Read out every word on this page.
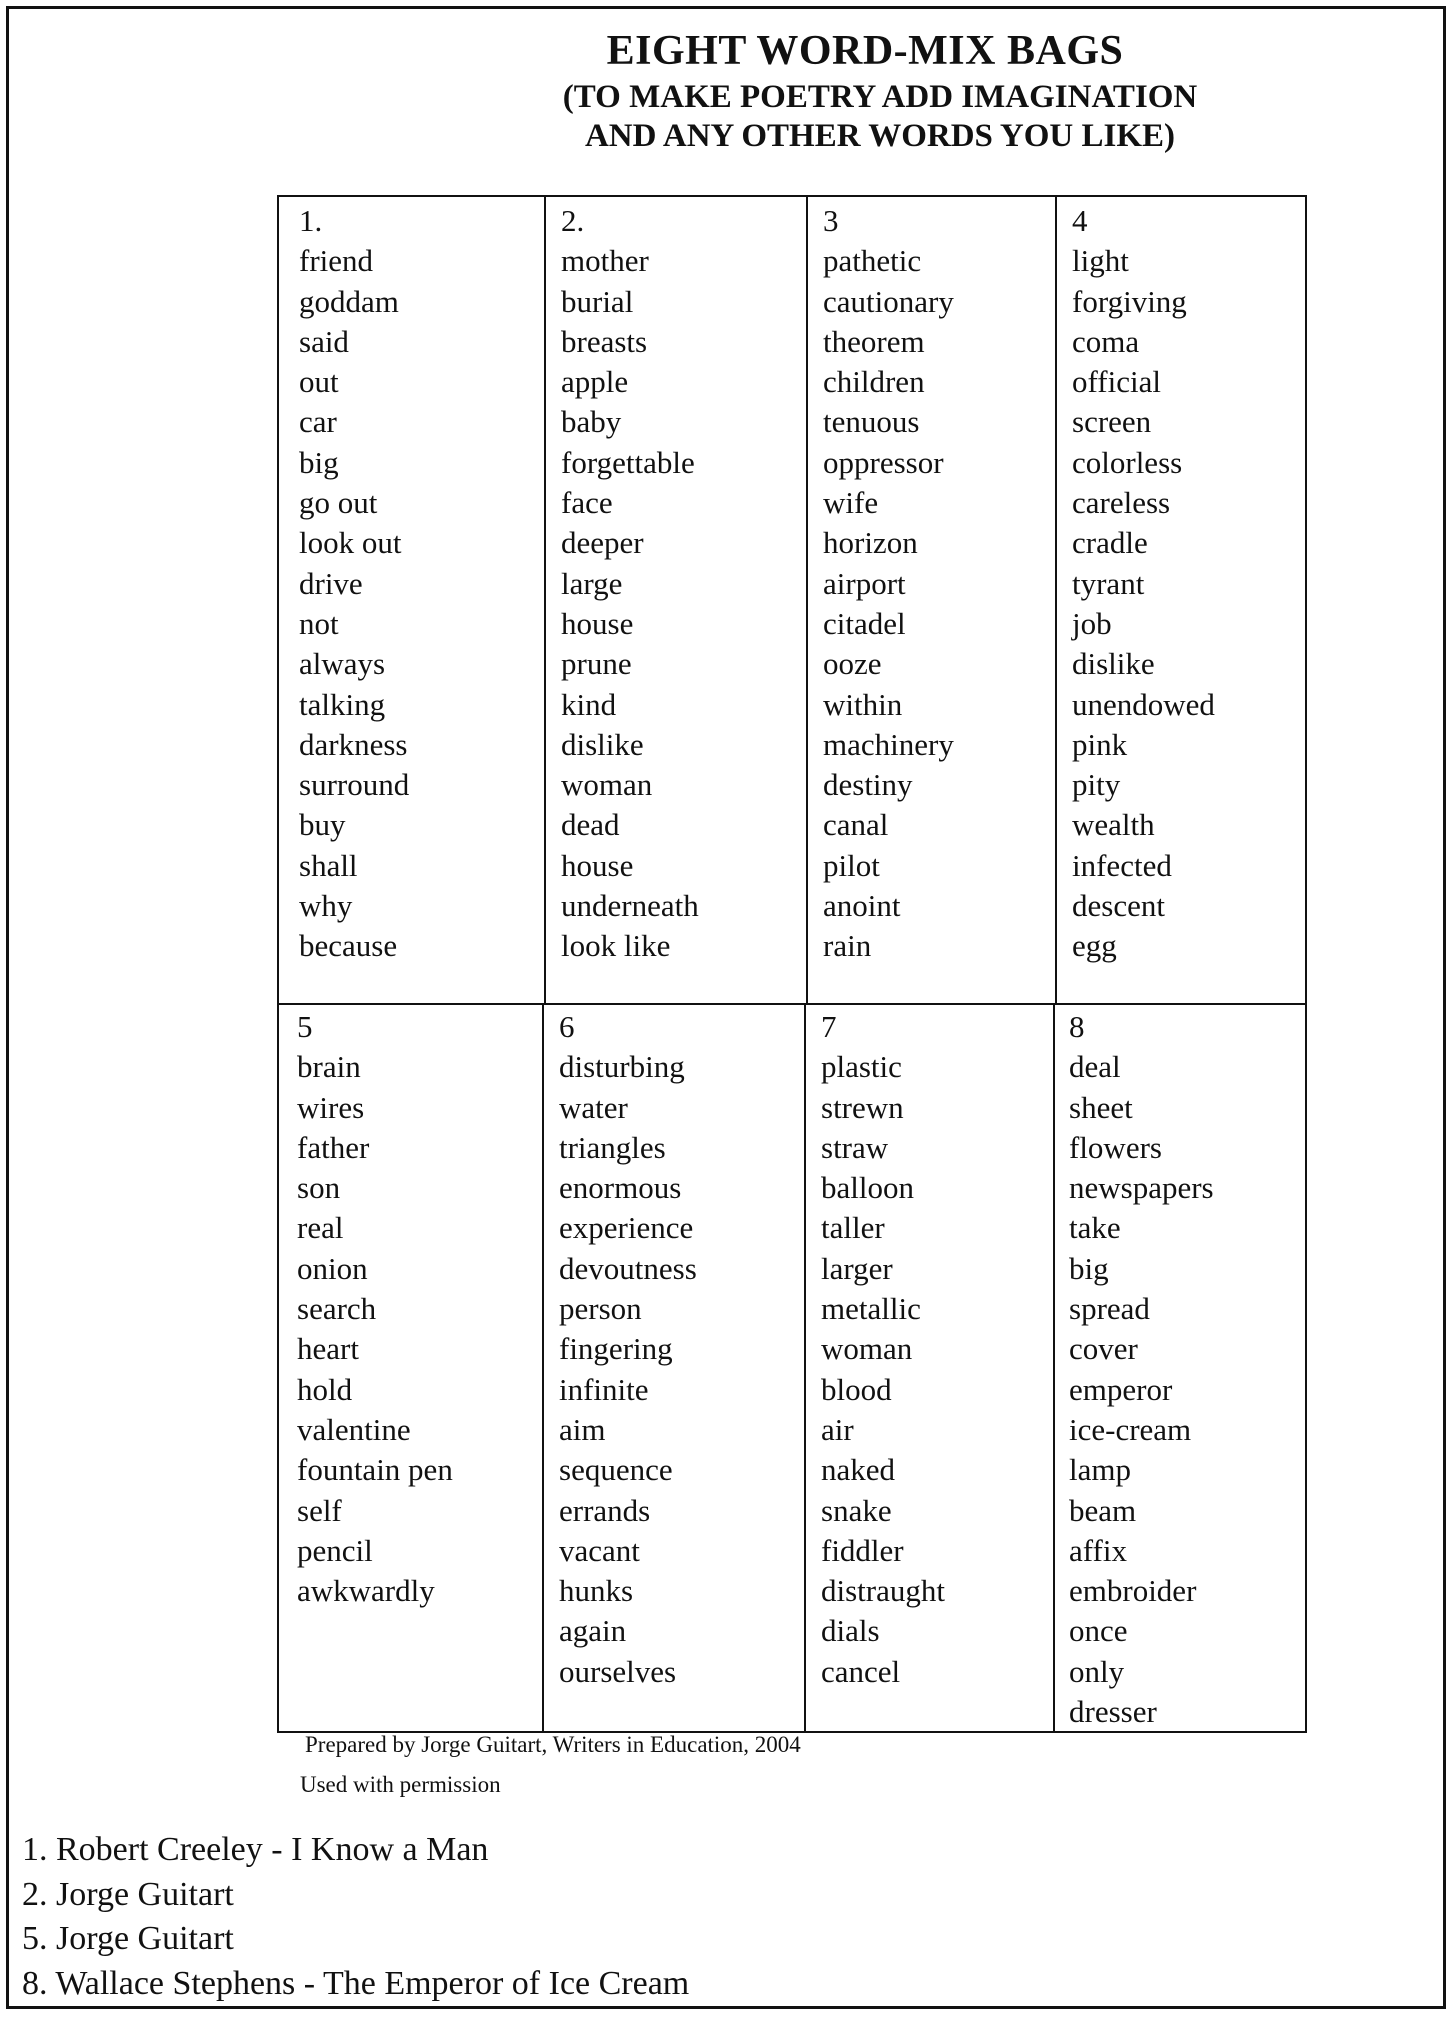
EIGHT WORD-MIX BAGS
(TO MAKE POETRY ADD IMAGINATION
AND ANY OTHER WORDS YOU LIKE)
1.
friend
goddam
said
out
car
big
go out
look out
drive
not
always
talking
darkness
surround
buy
shall
why
because
2.
mother
burial
breasts
apple
baby
forgettable
face
deeper
large
house
prune
kind
dislike
woman
dead
house
underneath
look like
3
pathetic
cautionary
theorem
children
tenuous
oppressor
wife
horizon
airport
citadel
ooze
within
machinery
destiny
canal
pilot
anoint
rain
4
light
forgiving
coma
official
screen
colorless
careless
cradle
tyrant
job
dislike
unendowed
pink
pity
wealth
infected
descent
egg
5
brain
wires
father
son
real
onion
search
heart
hold
valentine
fountain pen
self
pencil
awkwardly
6
disturbing
water
triangles
enormous
experience
devoutness
person
fingering
infinite
aim
sequence
errands
vacant
hunks
again
ourselves
7
plastic
strewn
straw
balloon
taller
larger
metallic
woman
blood
air
naked
snake
fiddler
distraught
dials
cancel
8
deal
sheet
flowers
newspapers
take
big
spread
cover
emperor
ice-cream
lamp
beam
affix
embroider
once
only
dresser
Prepared by Jorge Guitart, Writers in Education, 2004
Used with permission
1. Robert Creeley - I Know a Man
2. Jorge Guitart
5. Jorge Guitart
8. Wallace Stephens - The Emperor of Ice Cream
